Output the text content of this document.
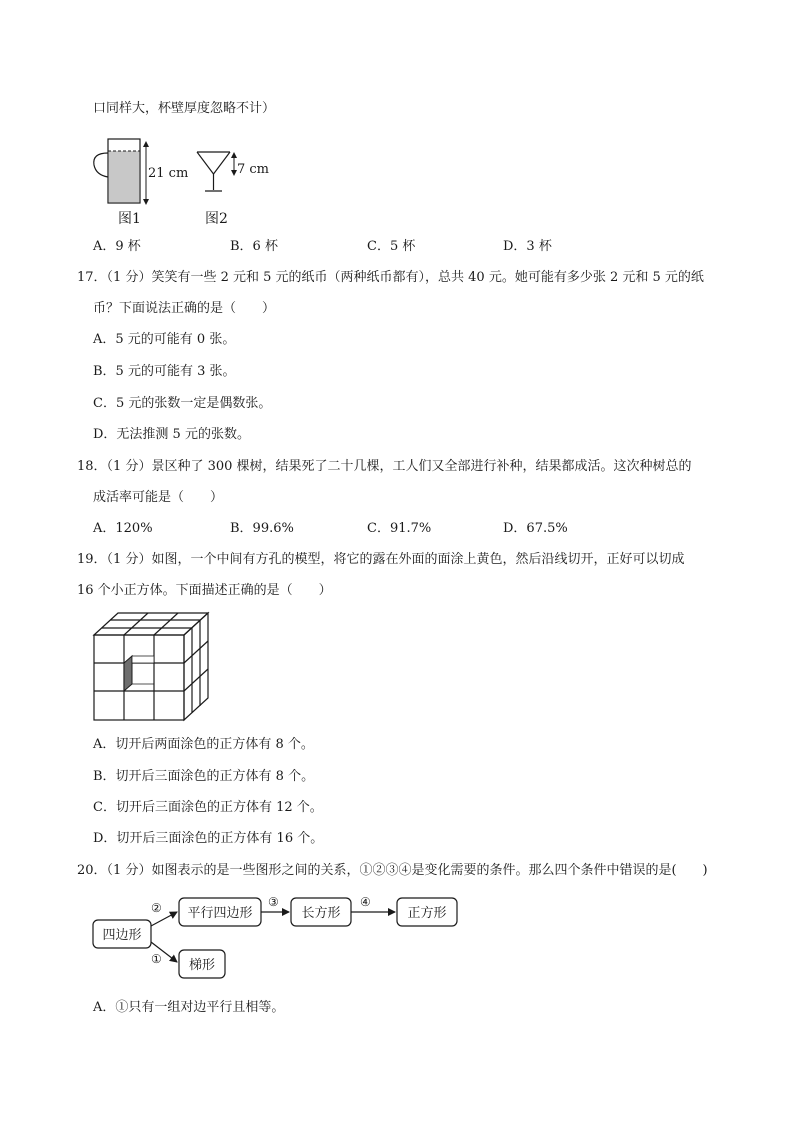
口同样大，杯壁厚度忽略不计）
21 cm
图1
7 cm
图2
A．9 杯	B．6 杯	C．5 杯	D．3 杯
17．（1 分）笑笑有一些 2 元和 5 元的纸币（两种纸币都有），总共 40 元。她可能有多少张 2 元和 5 元的纸
币？下面说法正确的是（　　）
A．5 元的可能有 0 张。
B．5 元的可能有 3 张。
C．5 元的张数一定是偶数张。
D．无法推测 5 元的张数。
18．（1 分）景区种了 300 棵树，结果死了二十几棵，工人们又全部进行补种，结果都成活。这次种树总的
成活率可能是（　　）
A．120%	B．99.6%	C．91.7%	D．67.5%
19．（1 分）如图，一个中间有方孔的模型，将它的露在外面的面涂上黄色，然后沿线切开，正好可以切成
16 个小正方体。下面描述正确的是（　　）
A．切开后两面涂色的正方体有 8 个。
B．切开后三面涂色的正方体有 8 个。
C．切开后三面涂色的正方体有 12 个。
D．切开后三面涂色的正方体有 16 个。
20．（1 分）如图表示的是一些图形之间的关系，①②③④是变化需要的条件。那么四个条件中错误的是(　　)
四边形
平行四边形	长方形	正方形
梯形
②	③	④
①
A．①只有一组对边平行且相等。
